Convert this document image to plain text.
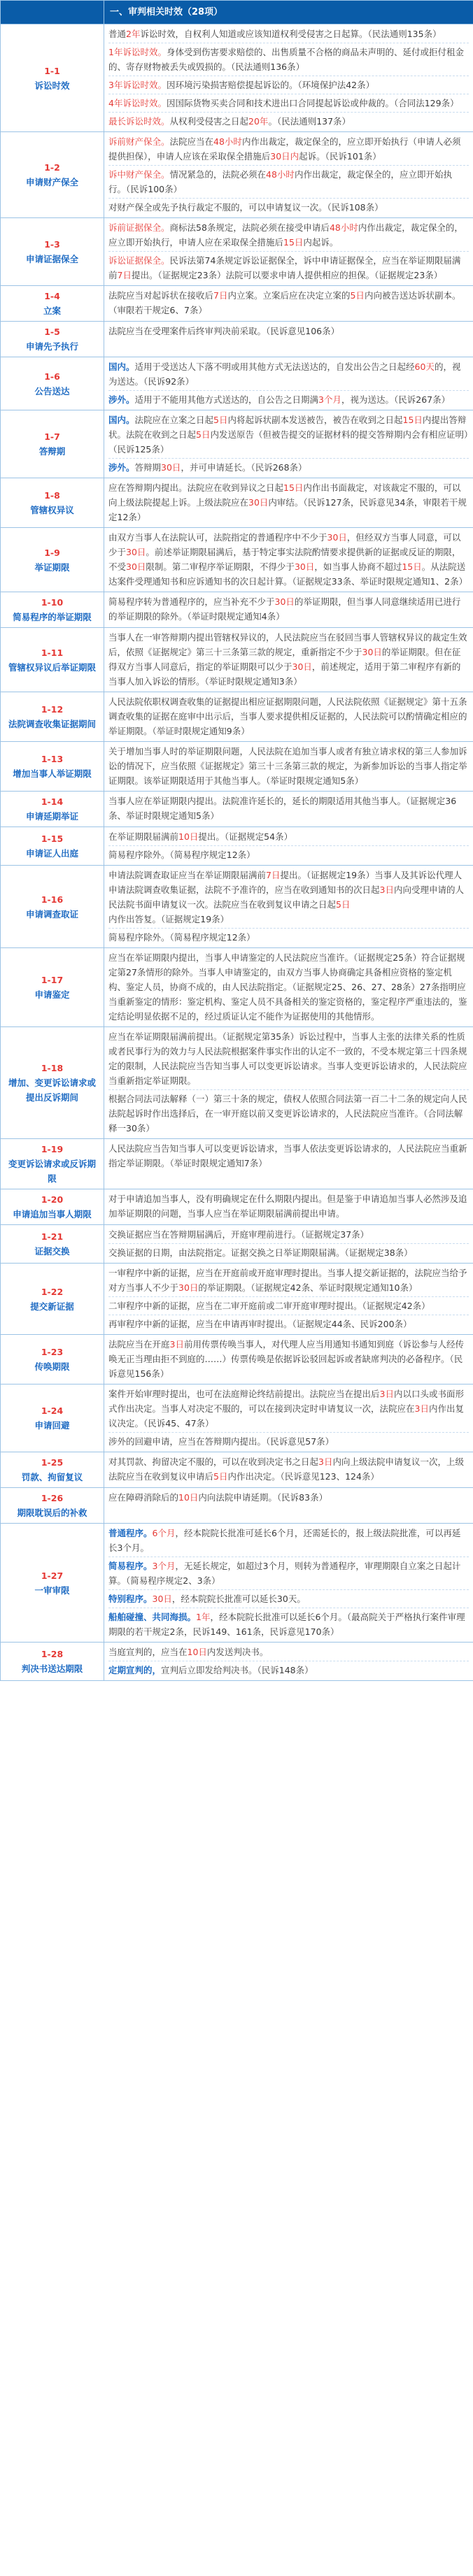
	一、审判相关时效（28项）

1-1
诉讼时效	普通2年诉讼时效，自权利人知道或应该知道权利受侵害之日起算。（民法通则135条）
1年诉讼时效。身体受到伤害要求赔偿的、出售质量不合格的商品未声明的、延付或拒付租金的、寄存财物被丢失或毁损的。（民法通则136条）
3年诉讼时效。因环境污染损害赔偿提起诉讼的。（环境保护法42条）
4年诉讼时效。因国际货物买卖合同和技术进出口合同提起诉讼或仲裁的。（合同法129条）
最长诉讼时效。从权利受侵害之日起20年。（民法通则137条）

1-2
申请财产保全	诉前财产保全。法院应当在48小时内作出裁定，裁定保全的，应立即开始执行（申请人必须提供担保），申请人应该在采取保全措施后30日内起诉。（民诉101条）
诉中财产保全。情况紧急的，法院必须在48小时内作出裁定，裁定保全的，应立即开始执行。（民诉100条）
对财产保全或先予执行裁定不服的，可以申请复议一次。（民诉108条）

1-3
申请证据保全	诉前证据保全。商标法58条规定，法院必须在接受申请后48小时内作出裁定，裁定保全的，应立即开始执行，申请人应在采取保全措施后15日内起诉。
诉讼证据保全。民诉法第74条规定诉讼证据保全，诉中申请证据保全，应当在举证期限届满前7日提出。（证据规定23条）法院可以要求申请人提供相应的担保。（证据规定23条）

1-4
立案	法院应当对起诉状在接收后7日内立案。立案后应在决定立案的5日内向被告送达诉状副本。（审限若干规定6、7条）

1-5
申请先予执行	法院应当在受理案件后终审判决前采取。（民诉意见106条）

1-6
公告送达	国内。适用于受送达人下落不明或用其他方式无法送达的，自发出公告之日起经60天的，视为送达。（民诉92条）
涉外。适用于不能用其他方式送达的，自公告之日期满3个月，视为送达。（民诉267条）

1-7
答辩期	国内。法院应在立案之日起5日内将起诉状副本发送被告，被告在收到之日起15日内提出答辩状。法院在收到之日起5日内发送原告（但被告提交的证据材料的提交答辩期内会有相应证明）（民诉125条）
涉外。答辩期30日，并可申请延长。（民诉268条）

1-8
管辖权异议	应在答辩期内提出。法院应在收到异议之日起15日内作出书面裁定，对该裁定不服的，可以向上级法院提起上诉。上级法院应在30日内审结。（民诉127条，民诉意见34条，审限若干规定12条）

1-9
举证期限	由双方当事人在法院认可，法院指定的普通程序中不少于30日，但经双方当事人同意，可以少于30日。前述举证期限届满后，基于特定事实法院酌情要求提供新的证据或反证的期限，不受30日限制。第二审程序举证期限，不得少于30日，如当事人协商不超过15日。从法院送达案件受理通知书和应诉通知书的次日起计算。（证据规定33条、举证时限规定通知1、2条）

1-10
简易程序的举证期限	简易程序转为普通程序的，应当补充不少于30日的举证期限，但当事人同意继续适用已进行的举证期限的除外。（举证时限规定通知4条）

1-11
管辖权异议后举证期限	当事人在一审答辩期内提出管辖权异议的，人民法院应当在驳回当事人管辖权异议的裁定生效后，依照《证据规定》第三十三条第三款的规定，重新指定不少于30日的举证期限。但在征得双方当事人同意后，指定的举证期限可以少于30日，前述规定，适用于第二审程序有新的当事人加入诉讼的情形。（举证时限规定通知3条）

1-12
法院调查收集证据期间	人民法院依职权调查收集的证据提出相应证据期限问题，人民法院依照《证据规定》第十五条调查收集的证据在庭审中出示后，当事人要求提供相反证据的，人民法院可以酌情确定相应的举证期限。（举证时限规定通知9条）

1-13
增加当事人举证期限	关于增加当事人时的举证期限问题，人民法院在追加当事人或者有独立请求权的第三人参加诉讼的情况下，应当依照《证据规定》第三十三条第三款的规定，为新参加诉讼的当事人指定举证期限。该举证期限适用于其他当事人。（举证时限规定通知5条）

1-14
申请延期举证	当事人应在举证期限内提出。法院准许延长的，延长的期限适用其他当事人。（证据规定36条、举证时限规定通知5条）

1-15
申请证人出庭	在举证期限届满前10日提出。（证据规定54条）
简易程序除外。（简易程序规定12条）

1-16
申请调查取证	申请法院调查取证应当在举证期限届满前7日提出。（证据规定19条）当事人及其诉讼代理人申请法院调查收集证据，法院不予准许的，应当在收到通知书的次日起3日内向受理申请的人民法院书面申请复议一次。法院应当在收到复议申请之日起5日内作出答复。（证据规定19条）
简易程序除外。（简易程序规定12条）

1-17
申请鉴定	应当在举证期限内提出，当事人申请鉴定的人民法院应当准许。（证据规定25条）符合证据规定第27条情形的除外。当事人申请鉴定的，由双方当事人协商确定具备相应资格的鉴定机构、鉴定人员，协商不成的，由人民法院指定。（证据规定25、26、27、28条）27条指明应当重新鉴定的情形：鉴定机构、鉴定人员不具备相关的鉴定资格的，鉴定程序严重违法的，鉴定结论明显依据不足的，经过质证认定不能作为证据使用的其他情形。

1-18
增加、变更诉讼请求或提出反诉期间	应当在举证期限届满前提出。（证据规定第35条）诉讼过程中，当事人主张的法律关系的性质或者民事行为的效力与人民法院根据案件事实作出的认定不一致的，不受本规定第三十四条规定的限制，人民法院应当告知当事人可以变更诉讼请求。当事人变更诉讼请求的，人民法院应当重新指定举证期限。
根据合同法司法解释（一）第三十条的规定，债权人依照合同法第一百二十二条的规定向人民法院起诉时作出选择后，在一审开庭以前又变更诉讼请求的，人民法院应当准许。（合同法解释一30条）

1-19
变更诉讼请求或反诉期限	人民法院应当告知当事人可以变更诉讼请求，当事人依法变更诉讼请求的，人民法院应当重新指定举证期限。（举证时限规定通知7条）

1-20
申请追加当事人期限	对于申请追加当事人，没有明确规定在什么期限内提出。但是鉴于申请追加当事人必然涉及追加举证期限的问题，当事人应当在举证期限届满前提出申请。

1-21
证据交换	交换证据应当在答辩期届满后，开庭审理前进行。（证据规定37条）
交换证据的日期，由法院指定。证据交换之日举证期限届满。（证据规定38条）

1-22
提交新证据	一审程序中新的证据，应当在开庭前或开庭审理时提出。当事人提交新证据的，法院应当给予对方当事人不少于30日的举证期限。（证据规定42条、举证时限规定通知10条）
二审程序中新的证据，应当在二审开庭前或二审开庭审理时提出。（证据规定42条）
再审程序中新的证据，应当在申请再审时提出。（证据规定44条、民诉200条）

1-23
传唤期限	法院应当在开庭3日前用传票传唤当事人，对代理人应当用通知书通知到庭（诉讼参与人经传唤无正当理由拒不到庭的……）传票传唤是依据诉讼驳回起诉或者缺席判决的必备程序。（民诉意见156条）

1-24
申请回避	案件开始审理时提出，也可在法庭辩论终结前提出。法院应当在提出后3日内以口头或书面形式作出决定。当事人对决定不服的，可以在接到决定时申请复议一次，法院应在3日内作出复议决定。（民诉45、47条）
涉外的回避申请，应当在答辩期内提出。（民诉意见57条）

1-25
罚款、拘留复议	对其罚款、拘留决定不服的，可以在收到决定书之日起3日内向上级法院申请复议一次，上级法院应当在收到复议申请后5日内作出决定。（民诉意见123、124条）

1-26
期限耽误后的补救	应在障碍消除后的10日内向法院申请延期。（民诉83条）

1-27
一审审限	普通程序。6个月，经本院院长批准可延长6个月，还需延长的，报上级法院批准，可以再延长3个月。
简易程序。3个月，无延长规定，如超过3个月，则转为普通程序，审理期限自立案之日起计算。（简易程序规定2、3条）
特别程序。30日，经本院院长批准可以延长30天。
船舶碰撞、共同海损。1年，经本院院长批准可以延长6个月。（最高院关于严格执行案件审理期限的若干规定2条，民诉149、161条，民诉意见170条）

1-28
判决书送达期限	当庭宣判的，应当在10日内发送判决书。
定期宣判的，宣判后立即发给判决书。（民诉148条）
